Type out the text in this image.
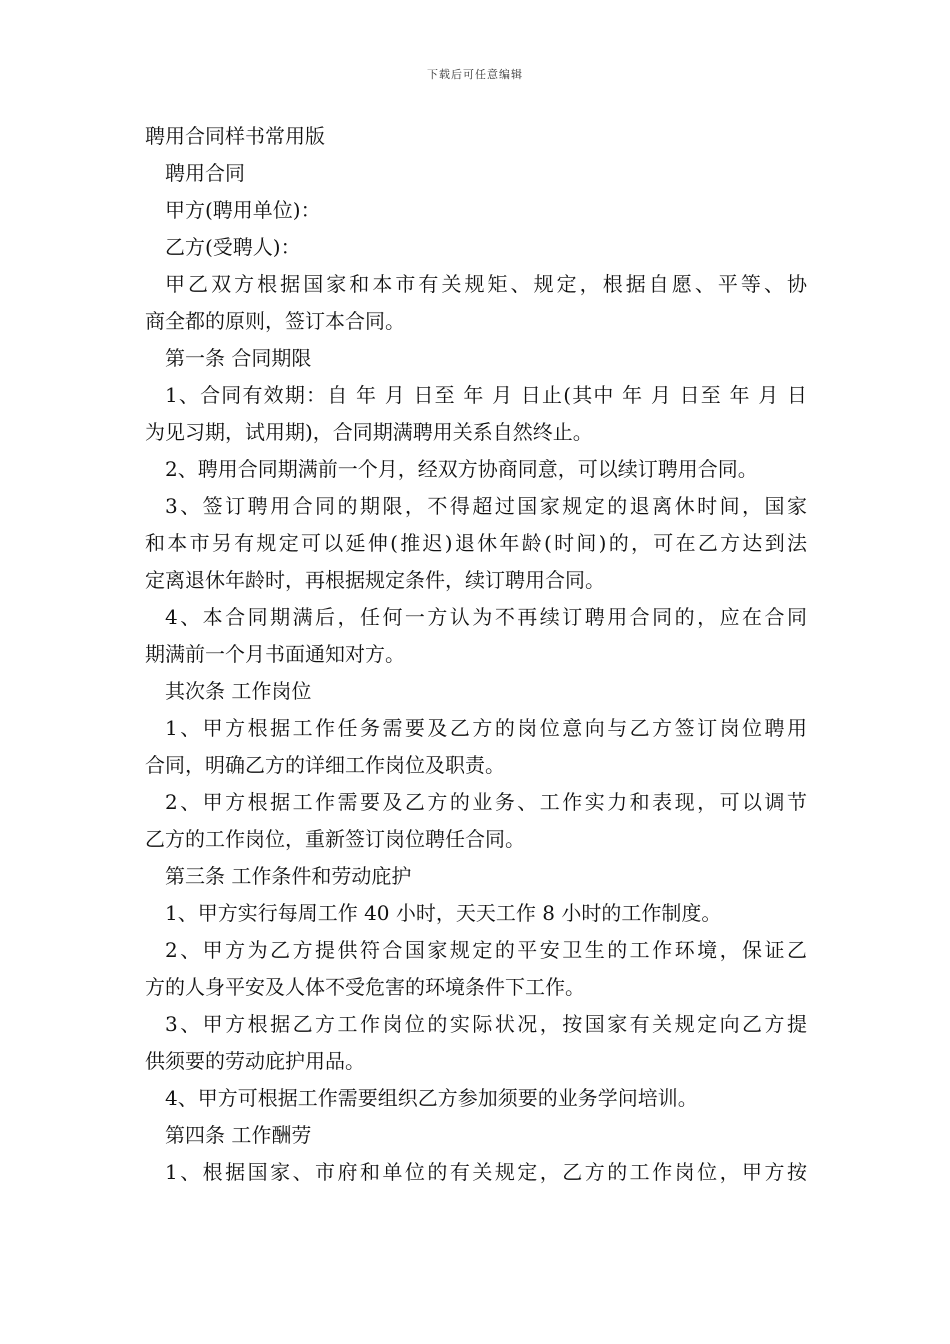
下载后可任意编辑
聘用合同样书常用版
聘用合同
甲方(聘用单位)：
乙方(受聘人)：
甲乙双方根据国家和本市有关规矩、规定，根据自愿、平等、协
商全都的原则，签订本合同。
第一条 合同期限
1、合同有效期：自 年 月 日至 年 月 日止(其中 年 月 日至 年 月 日
为见习期，试用期)，合同期满聘用关系自然终止。
2、聘用合同期满前一个月，经双方协商同意，可以续订聘用合同。
3、签订聘用合同的期限，不得超过国家规定的退离休时间，国家
和本市另有规定可以延伸(推迟)退休年龄(时间)的，可在乙方达到法
定离退休年龄时，再根据规定条件，续订聘用合同。
4、本合同期满后，任何一方认为不再续订聘用合同的，应在合同
期满前一个月书面通知对方。
其次条 工作岗位
1、甲方根据工作任务需要及乙方的岗位意向与乙方签订岗位聘用
合同，明确乙方的详细工作岗位及职责。
2、甲方根据工作需要及乙方的业务、工作实力和表现，可以调节
乙方的工作岗位，重新签订岗位聘任合同。
第三条 工作条件和劳动庇护
1、甲方实行每周工作 40 小时，天天工作 8 小时的工作制度。
2、甲方为乙方提供符合国家规定的平安卫生的工作环境，保证乙
方的人身平安及人体不受危害的环境条件下工作。
3、甲方根据乙方工作岗位的实际状况，按国家有关规定向乙方提
供须要的劳动庇护用品。
4、甲方可根据工作需要组织乙方参加须要的业务学问培训。
第四条 工作酬劳
1、根据国家、市府和单位的有关规定，乙方的工作岗位，甲方按
